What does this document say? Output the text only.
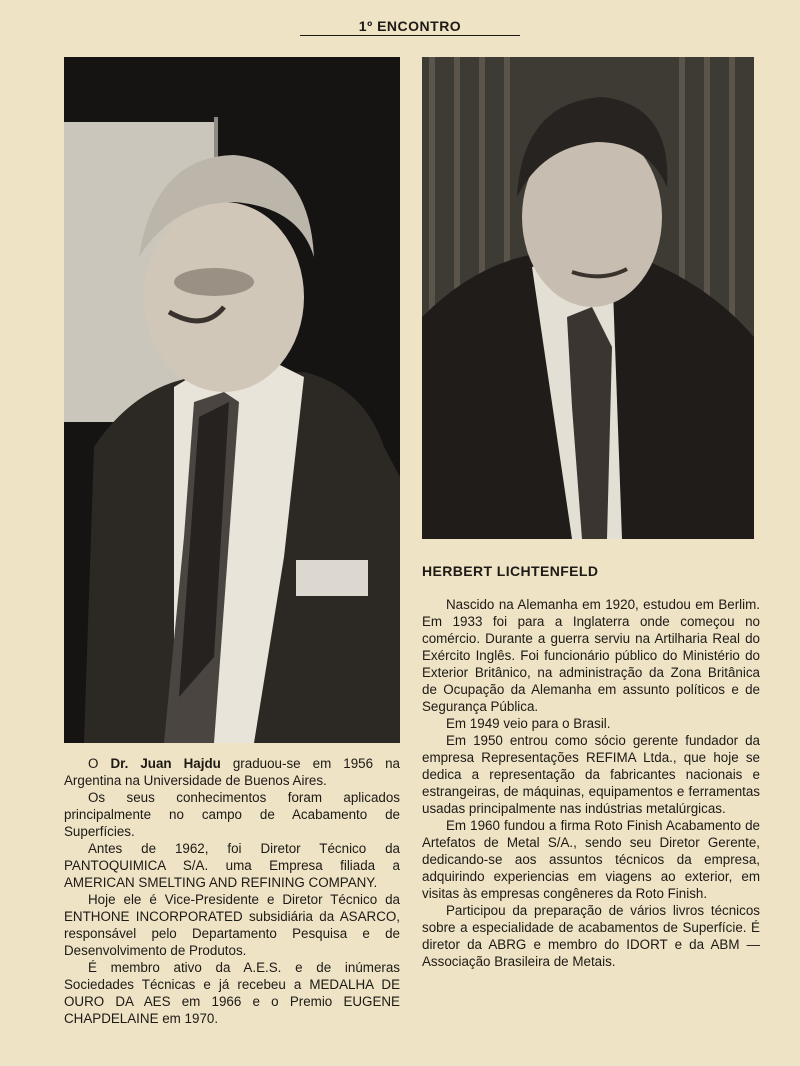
1º ENCONTRO

O Dr. Juan Hajdu graduou-se em 1956 na Argentina na Universidade de Buenos Aires.

Os seus conhecimentos foram aplicados principalmente no campo de Acabamento de Superfícies.

Antes de 1962, foi Diretor Técnico da PANTOQUIMICA S/A. uma Empresa filiada a AMERICAN SMELTING AND REFINING COMPANY.

Hoje ele é Vice-Presidente e Diretor Técnico da ENTHONE INCORPORATED subsidiária da ASARCO, responsável pelo Departamento Pesquisa e de Desenvolvimento de Produtos.

É membro ativo da A.E.S. e de inúmeras Sociedades Técnicas e já recebeu a MEDALHA DE OURO DA AES em 1966 e o Premio EUGENE CHAPDELAINE em 1970.

HERBERT LICHTENFELD

Nascido na Alemanha em 1920, estudou em Berlim. Em 1933 foi para a Inglaterra onde começou no comércio. Durante a guerra serviu na Artilharia Real do Exército Inglês. Foi funcionário público do Ministério do Exterior Britânico, na administração da Zona Britânica de Ocupação da Alemanha em assunto políticos e de Segurança Pública.

Em 1949 veio para o Brasil.

Em 1950 entrou como sócio gerente fundador da empresa Representações REFIMA Ltda., que hoje se dedica a representação da fabricantes nacionais e estrangeiras, de máquinas, equipamentos e ferramentas usadas principalmente nas indústrias metalúrgicas.

Em 1960 fundou a firma Roto Finish Acabamento de Artefatos de Metal S/A., sendo seu Diretor Gerente, dedicando-se aos assuntos técnicos da empresa, adquirindo experiencias em viagens ao exterior, em visitas às empresas congêneres da Roto Finish.

Participou da preparação de vários livros técnicos sobre a especialidade de acabamentos de Superfície. É diretor da ABRG e membro do IDORT e da ABM — Associação Brasileira de Metais.
